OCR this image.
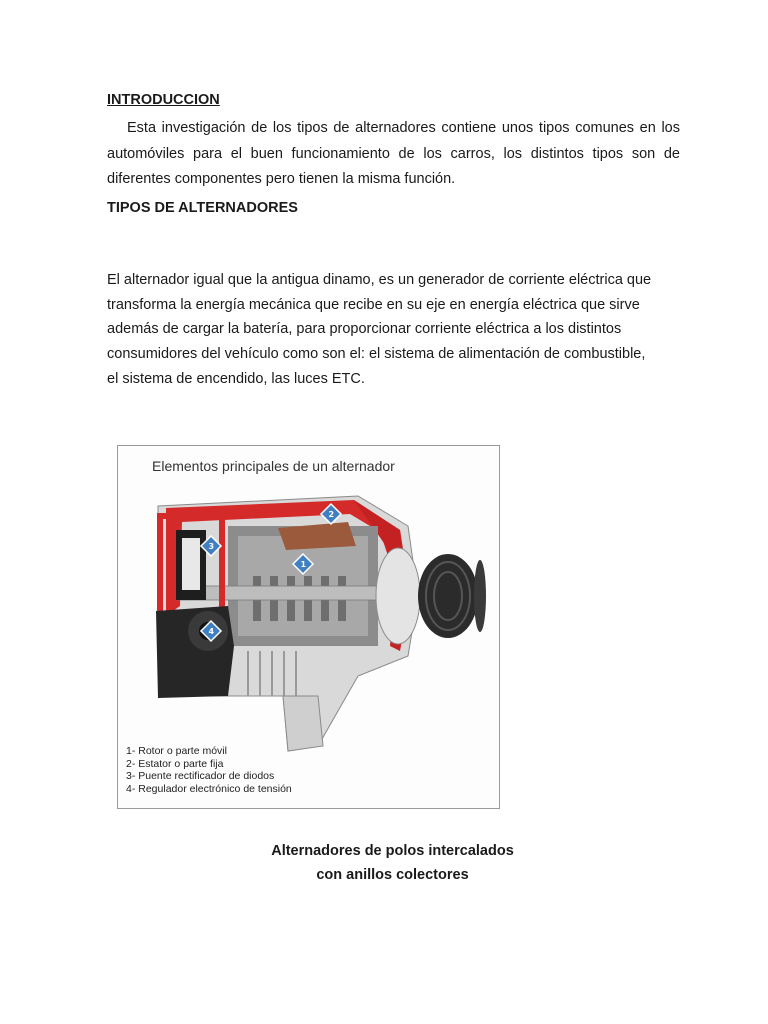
INTRODUCCION

Esta investigación de los tipos de alternadores contiene unos tipos comunes en los automóviles para el buen funcionamiento de los carros, los distintos tipos son de diferentes componentes pero tienen la misma función.

TIPOS DE ALTERNADORES

El alternador igual que la antigua dinamo, es un generador de corriente eléctrica que
transforma la energía mecánica que recibe en su eje en energía eléctrica que sirve
además de cargar la batería, para proporcionar corriente eléctrica a los distintos
consumidores del vehículo como son el: el sistema de alimentación de combustible,
el sistema de encendido, las luces ETC.

Elementos principales de un alternador

1
2
3
4
1- Rotor o parte móvil
2- Estator o parte fija
3- Puente rectificador de diodos
4- Regulador electrónico de tensión

Alternadores de polos intercalados

con anillos colectores
